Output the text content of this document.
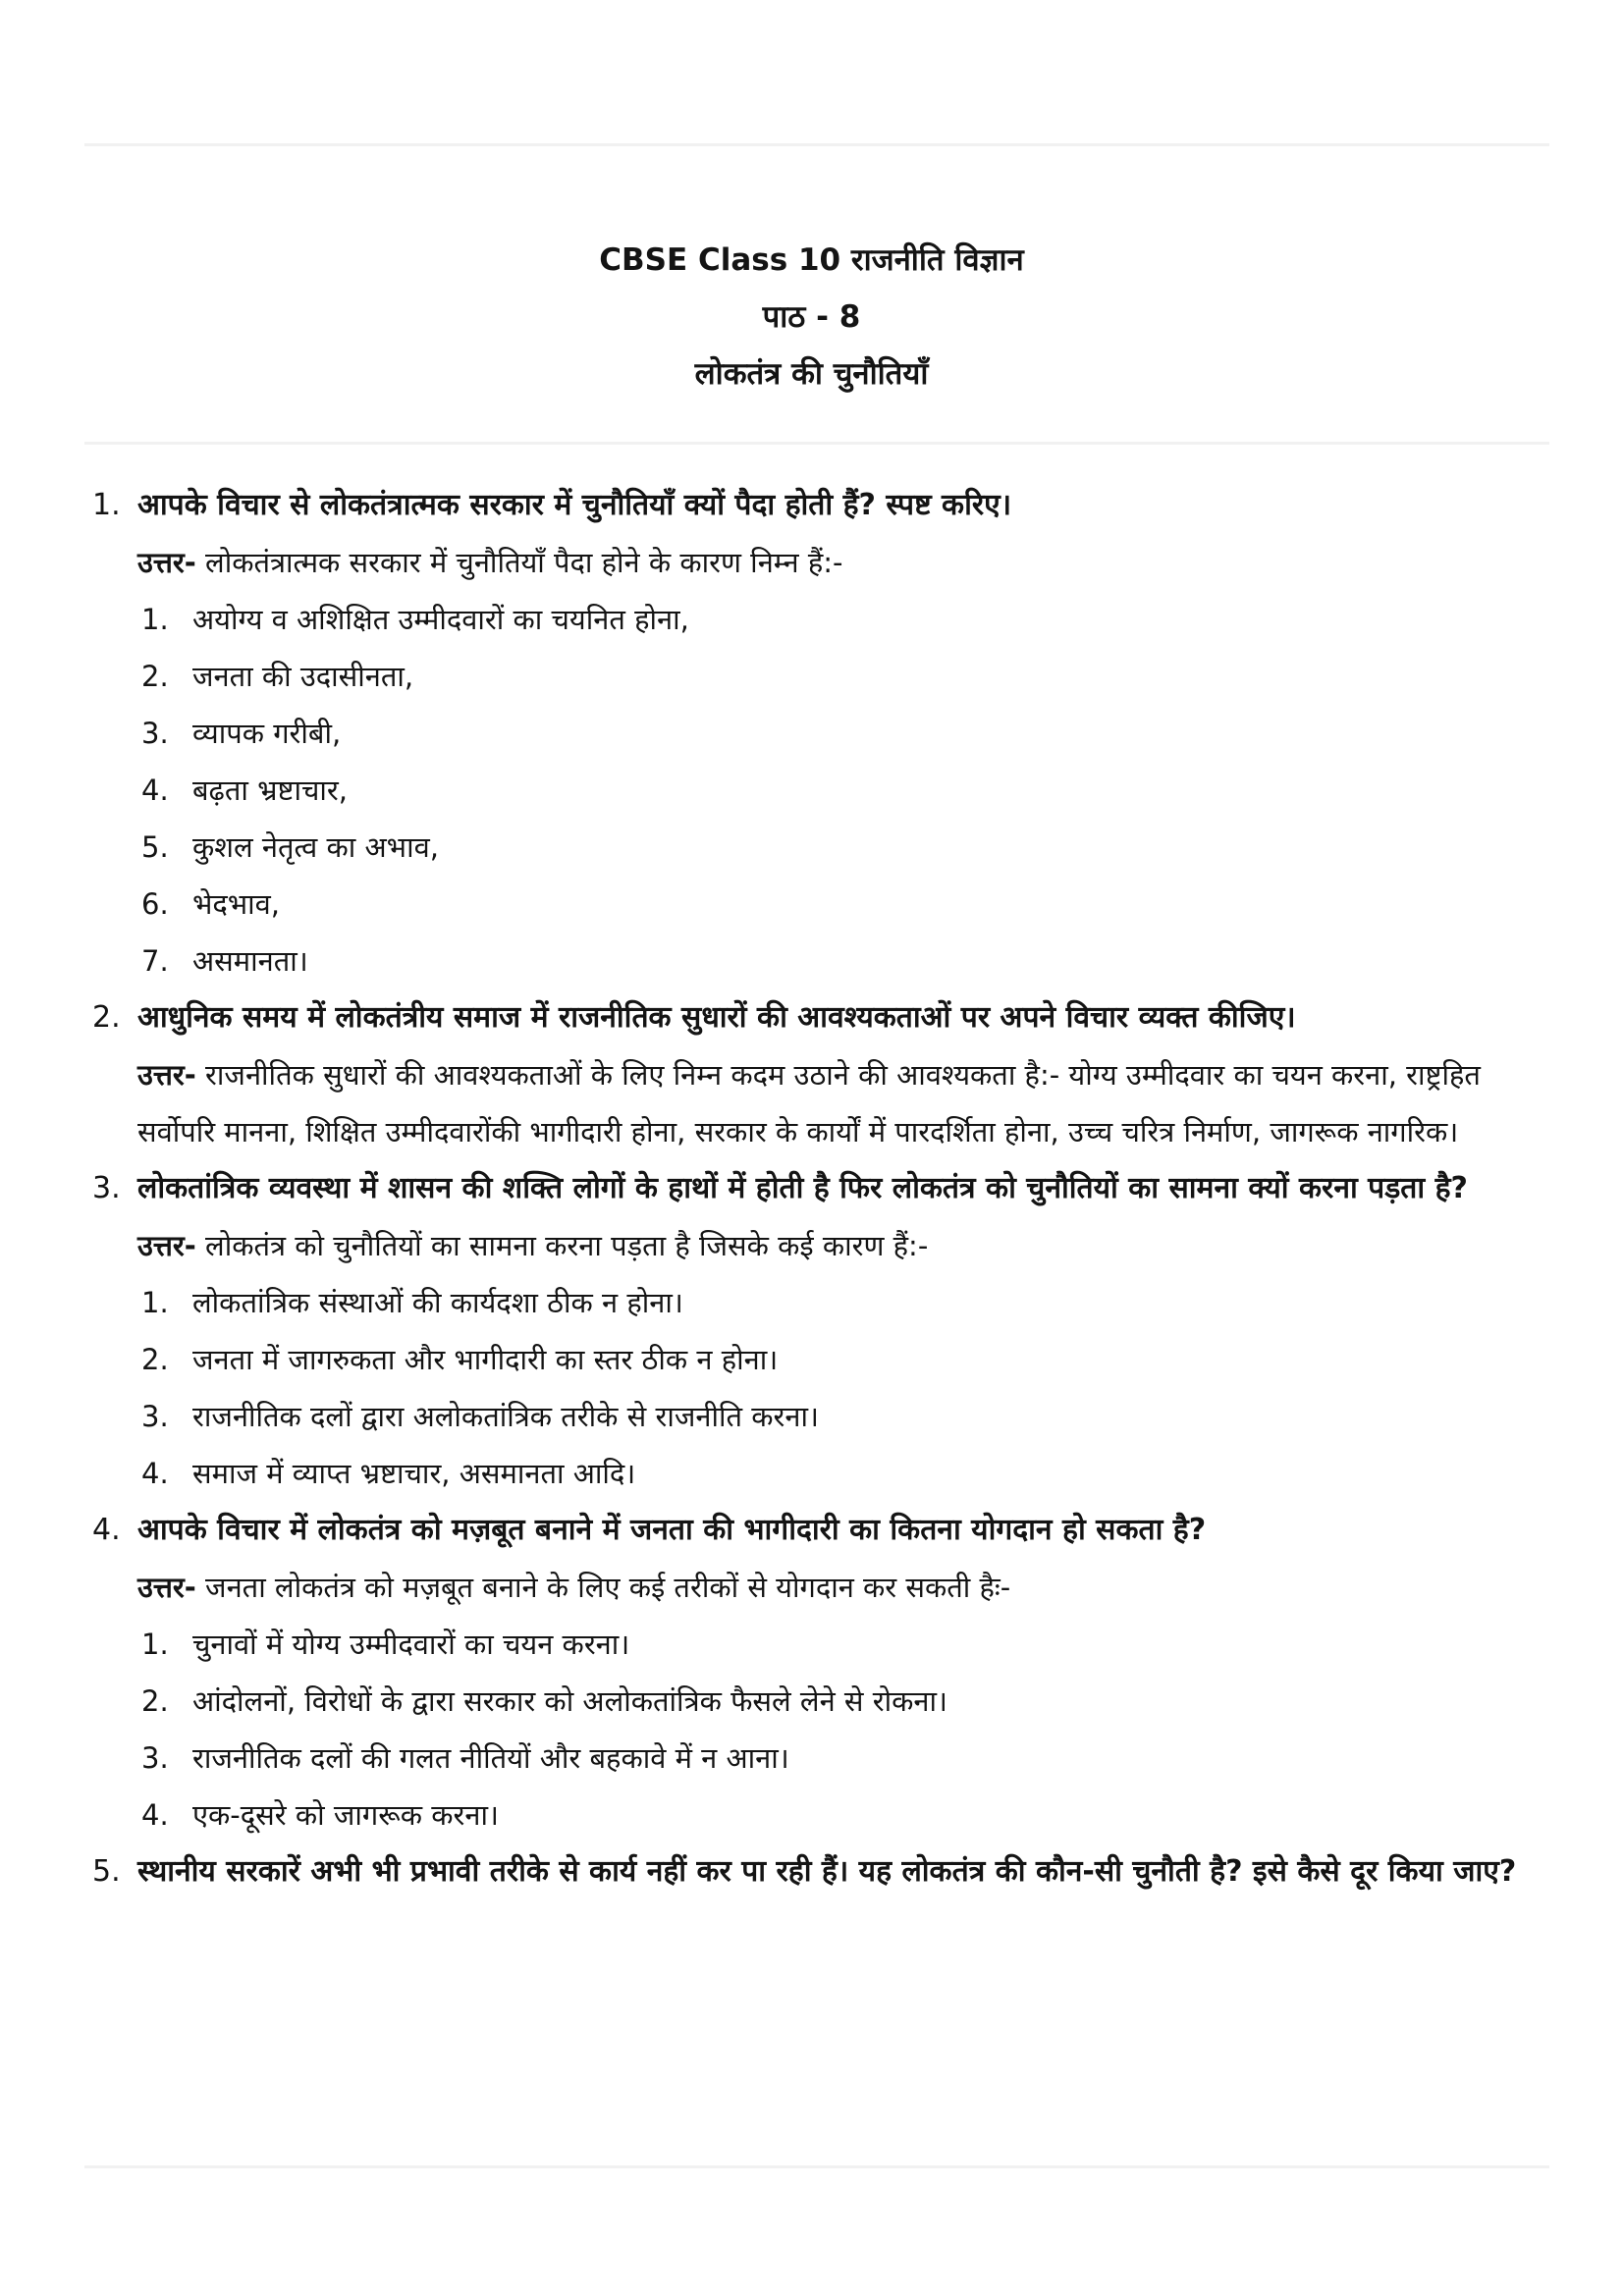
CBSE Class 10 राजनीति विज्ञान
पाठ - 8
लोकतंत्र की चुनौतियाँ
1. आपके विचार से लोकतंत्रात्मक सरकार में चुनौतियाँ क्यों पैदा होती हैं? स्पष्ट करिए।
उत्तर- लोकतंत्रात्मक सरकार में चुनौतियाँ पैदा होने के कारण निम्न हैं:-
1. अयोग्य व अशिक्षित उम्मीदवारों का चयनित होना,
2. जनता की उदासीनता,
3. व्यापक गरीबी,
4. बढ़ता भ्रष्टाचार,
5. कुशल नेतृत्व का अभाव,
6. भेदभाव,
7. असमानता।
2. आधुनिक समय में लोकतंत्रीय समाज में राजनीतिक सुधारों की आवश्यकताओं पर अपने विचार व्यक्त कीजिए।
उत्तर- राजनीतिक सुधारों की आवश्यकताओं के लिए निम्न कदम उठाने की आवश्यकता है:- योग्य उम्मीदवार का चयन करना, राष्ट्रहित सर्वोपरि मानना, शिक्षित उम्मीदवारोंकी भागीदारी होना, सरकार के कार्यों में पारदर्शिता होना, उच्च चरित्र निर्माण, जागरूक नागरिक।
3. लोकतांत्रिक व्यवस्था में शासन की शक्ति लोगों के हाथों में होती है फिर लोकतंत्र को चुनौतियों का सामना क्यों करना पड़ता है?
उत्तर- लोकतंत्र को चुनौतियों का सामना करना पड़ता है जिसके कई कारण हैं:-
1. लोकतांत्रिक संस्थाओं की कार्यदशा ठीक न होना।
2. जनता में जागरुकता और भागीदारी का स्तर ठीक न होना।
3. राजनीतिक दलों द्वारा अलोकतांत्रिक तरीके से राजनीति करना।
4. समाज में व्याप्त भ्रष्टाचार, असमानता आदि।
4. आपके विचार में लोकतंत्र को मज़बूत बनाने में जनता की भागीदारी का कितना योगदान हो सकता है?
उत्तर- जनता लोकतंत्र को मज़बूत बनाने के लिए कई तरीकों से योगदान कर सकती हैः-
1. चुनावों में योग्य उम्मीदवारों का चयन करना।
2. आंदोलनों, विरोधों के द्वारा सरकार को अलोकतांत्रिक फैसले लेने से रोकना।
3. राजनीतिक दलों की गलत नीतियों और बहकावे में न आना।
4. एक-दूसरे को जागरूक करना।
5. स्थानीय सरकारें अभी भी प्रभावी तरीके से कार्य नहीं कर पा रही हैं। यह लोकतंत्र की कौन-सी चुनौती है? इसे कैसे दूर किया जाए?
